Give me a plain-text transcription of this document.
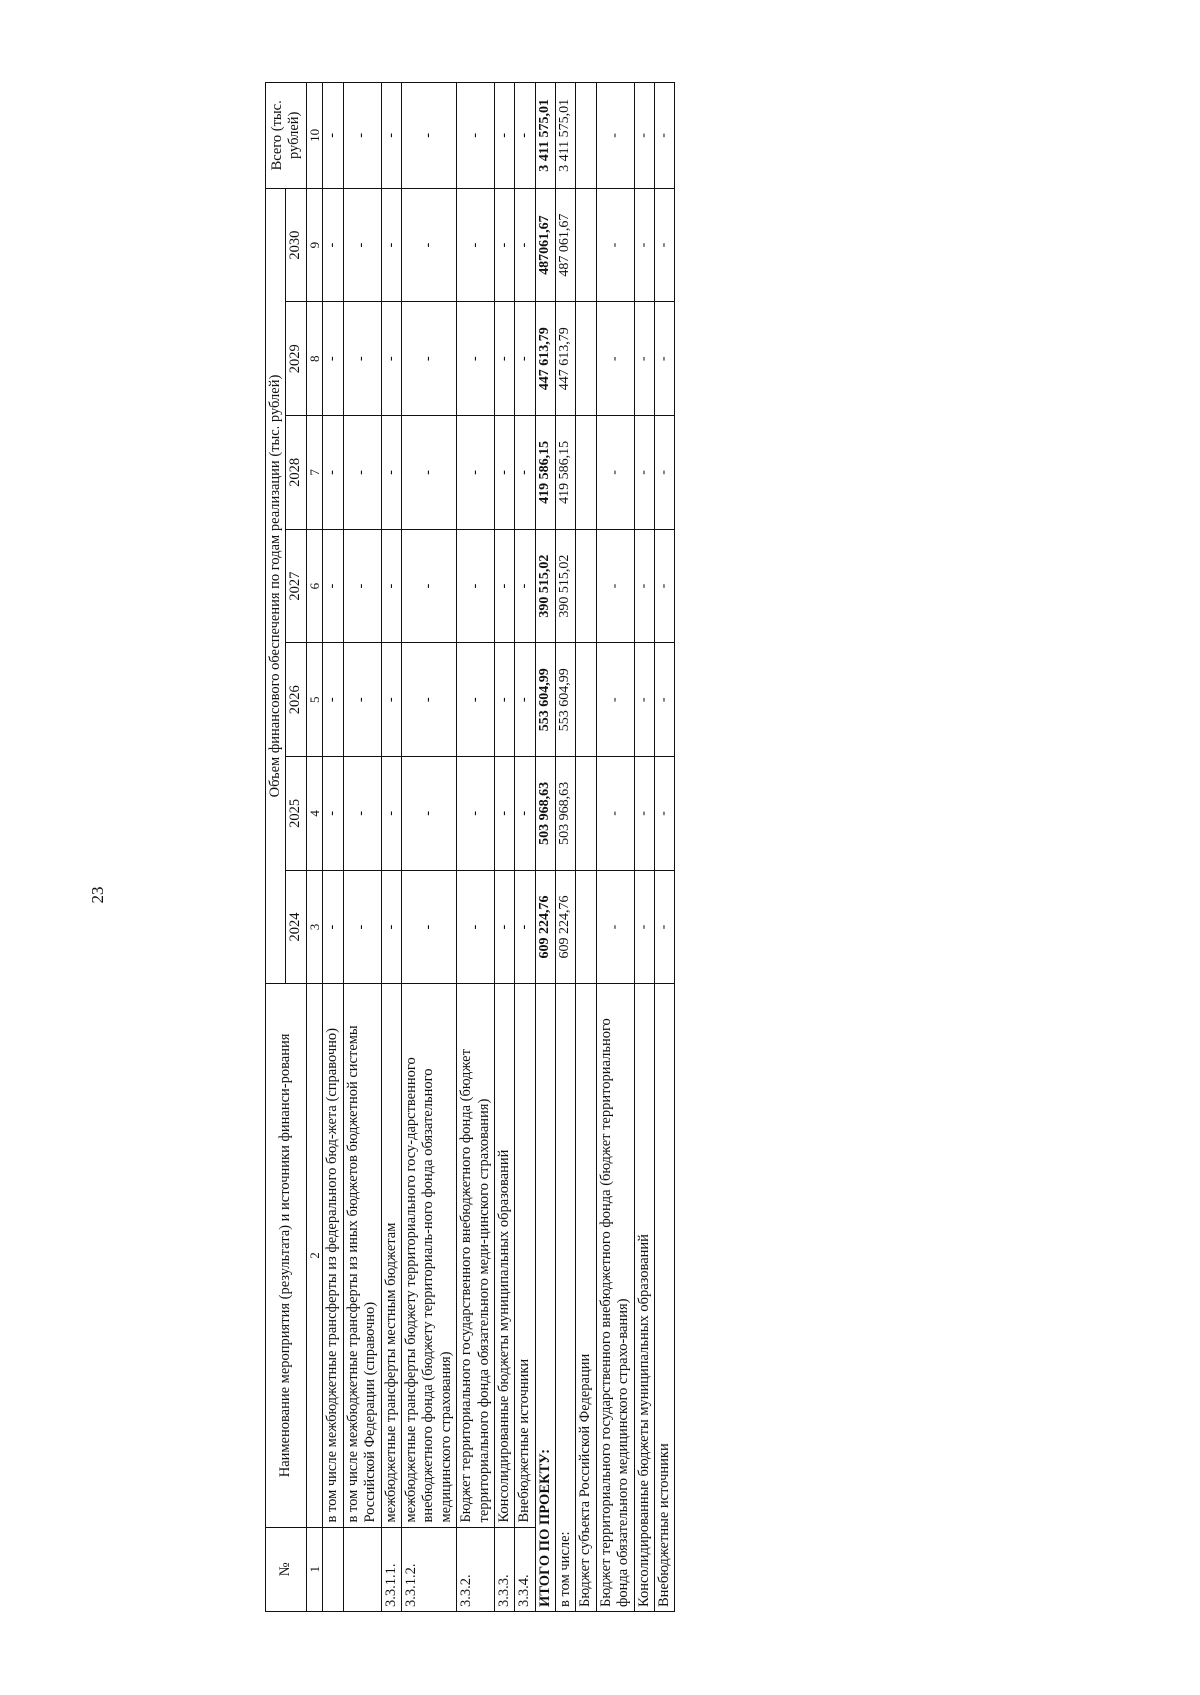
23
№	Наименование мероприятия (результата) и источники финанси-рования	Объем финансового обеспечения по годам реализации (тыс. рублей)							Всего (тыс. рублей)
		2024	2025	2026	2027	2028	2029	2030	
1	2	3	4	5	6	7	8	9	10
	в том числе межбюджетные трансферты из федерального бюд-жета (справочно)	-	-	-	-	-	-	-	-
	в том числе межбюджетные трансферты из иных бюджетов бюджетной системы Российской Федерации (справочно)	-	-	-	-	-	-	-	-
3.3.1.1.	межбюджетные трансферты местным бюджетам	-	-	-	-	-	-	-	-
3.3.1.2.	межбюджетные трансферты бюджету территориального госу-дарственного внебюджетного фонда (бюджету территориаль-ного фонда обязательного медицинского страхования)	-	-	-	-	-	-	-	-
3.3.2.	Бюджет территориального государственного внебюджетного фонда (бюджет территориального фонда обязательного меди-цинского страхования)	-	-	-	-	-	-	-	-
3.3.3.	Консолидированные бюджеты муниципальных образований	-	-	-	-	-	-	-	-
3.3.4.	Внебюджетные источники	-	-	-	-	-	-	-	-
ИТОГО ПО ПРОЕКТУ:		609 224,76	503 968,63	553 604,99	390 515,02	419 586,15	447 613,79	487061,67	3 411 575,01
в том числе:		609 224,76	503 968,63	553 604,99	390 515,02	419 586,15	447 613,79	487 061,67	3 411 575,01
Бюджет субъекта Российской Федерации									
Бюджет территориального государственного внебюджетного фонда (бюджет территориального фонда обязательного медицинского страхо-вания)		-	-	-	-	-	-	-	-
Консолидированные бюджеты муниципальных образований		-	-	-	-	-	-	-	-
Внебюджетные источники		-	-	-	-	-	-	-	-
